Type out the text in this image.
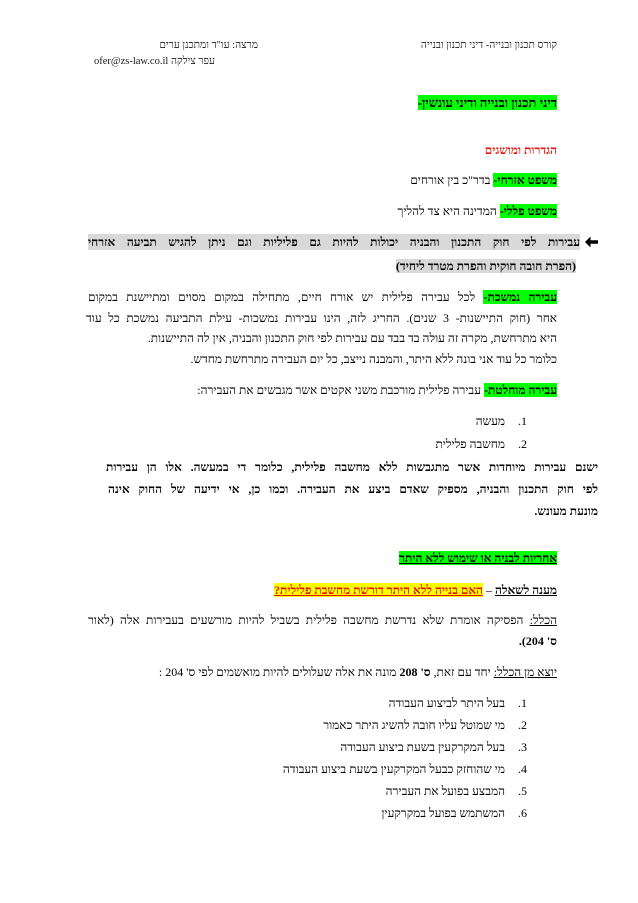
קורס תכנון ובנייה- דיני תכנון ובנייה
מרצה: עו"ד ומתכנן ערים
עפר צילקה ofer@zs-law.co.il
דיני תכנון ובנייה ודיני עונשין-
הגדרות ומושגים
משפט אזרחי- בדר"כ בין אורחים
משפט פללי- המדינה היא צד להליך
עבירות לפי חוק התכנון והבניה יכולות להיות גם פליליות וגם ניתן להגיש תביעה אזרחי
(הפרת חובה חוקית והפרת מטרד ליחיד)
עבירה נמשכת- לכל עבירה פלילית יש אורח חיים, מתחילה במקום מסוים ומתיישנת במקום
אחר (חוק התיישנות- 3 שנים). החריג לזה, הינו עבירות נמשכות- עילת התביעה נמשכת כל עוד
היא מתרחשת, מקרה זה עולה בד בבד עם עבירות לפי חוק התכנון והבניה, אין לה התיישנות.
כלומר כל עוד אני בונה ללא היתר, והמבנה נייצב, כל יום העבירה מתרחשת מחדש.
עבירה מוחלטת- עבירה פלילית מורכבת משני אקטים אשר מגבשים את העבירה:
1.
מעשה
2.
מחשבה פלילית
ישנם עבירות מיוחדות אשר מתגבשות ללא מחשבה פלילית, כלומר די במעשה. אלו הן עבירות
לפי חוק התכנון והבניה, מספיק שאדם ביצע את העבירה. וכמו כן, אי ידיעה של החוק אינה
מונעת מעונש.
אחריות לבניה או שימוש ללא היתר
מענה לשאלה – האם בנייה ללא היתר דורשת מחשבת פלילית?
הכלל: הפסיקה אומרת שלא נדרשת מחשבה פלילית בשביל להיות מורשעים בעבירות אלה (לאור
ס' 204).
יוצא מן הכלל: יחד עם זאת, ס' 208 מונה את אלה שעלולים להיות מואשמים לפי ס' 204 :
1.
בעל היתר לביצוע העבודה
2.
מי שמוטל עליו חובה להשיג היתר כאמור
3.
בעל המקרקעין בשעת ביצוע העבודה
4.
מי שהוחזק כבעל המקרקעין בשעת ביצוע העבודה
5.
המבצע בפועל את העבירה
6.
המשתמש בפועל במקרקעין
